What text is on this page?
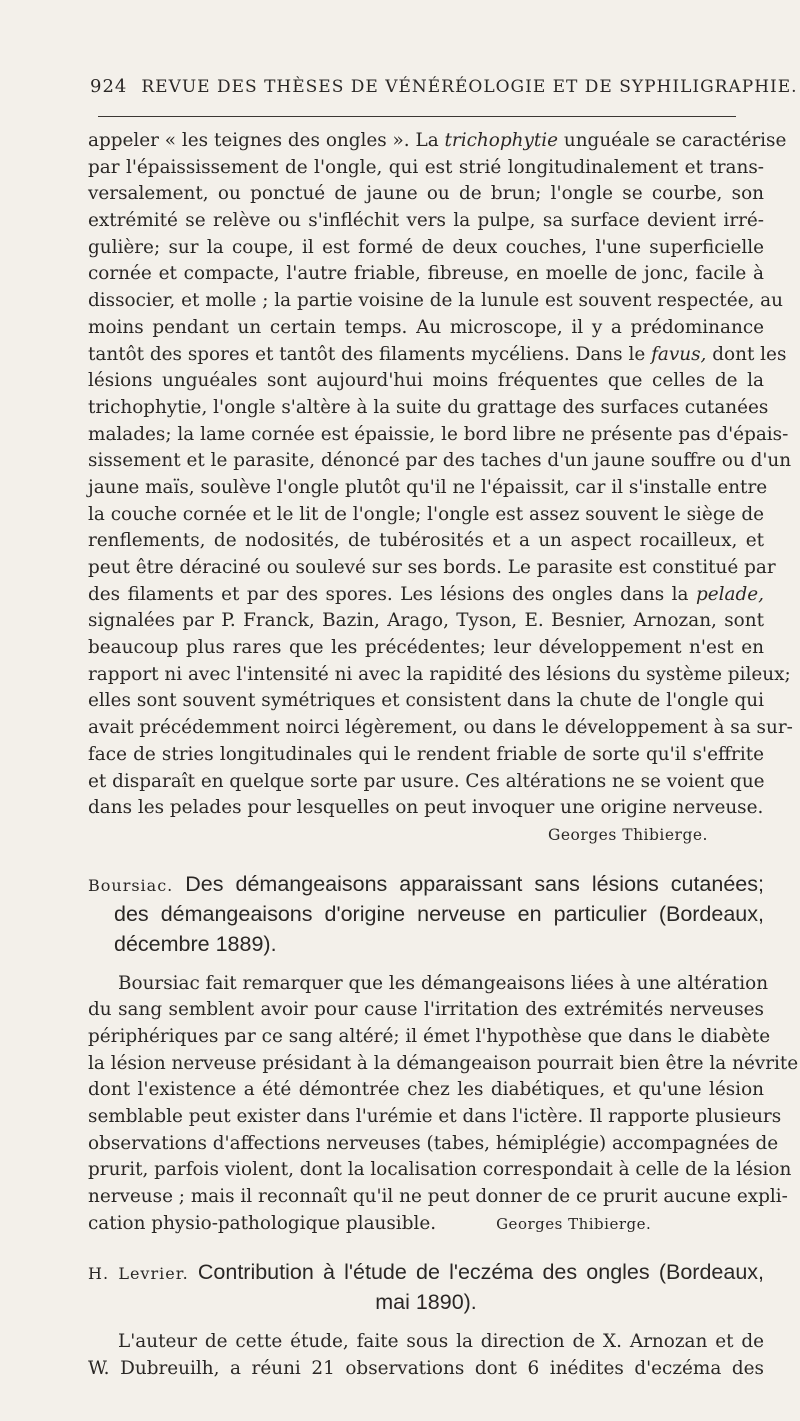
924 REVUE DES THÈSES DE VÉNÉRÉOLOGIE ET DE SYPHILIGRAPHIE.
appeler « les teignes des ongles ». La trichophytie unguéale se caractérise
par l'épaississement de l'ongle, qui est strié longitudinalement et trans-
versalement, ou ponctué de jaune ou de brun; l'ongle se courbe, son
extrémité se relève ou s'infléchit vers la pulpe, sa surface devient irré-
gulière; sur la coupe, il est formé de deux couches, l'une superficielle
cornée et compacte, l'autre friable, fibreuse, en moelle de jonc, facile à
dissocier, et molle ; la partie voisine de la lunule est souvent respectée, au
moins pendant un certain temps. Au microscope, il y a prédominance
tantôt des spores et tantôt des filaments mycéliens. Dans le favus, dont les
lésions unguéales sont aujourd'hui moins fréquentes que celles de la
trichophytie, l'ongle s'altère à la suite du grattage des surfaces cutanées
malades; la lame cornée est épaissie, le bord libre ne présente pas d'épais-
sissement et le parasite, dénoncé par des taches d'un jaune souffre ou d'un
jaune maïs, soulève l'ongle plutôt qu'il ne l'épaissit, car il s'installe entre
la couche cornée et le lit de l'ongle; l'ongle est assez souvent le siège de
renflements, de nodosités, de tubérosités et a un aspect rocailleux, et
peut être déraciné ou soulevé sur ses bords. Le parasite est constitué par
des filaments et par des spores. Les lésions des ongles dans la pelade,
signalées par P. Franck, Bazin, Arago, Tyson, E. Besnier, Arnozan, sont
beaucoup plus rares que les précédentes; leur développement n'est en
rapport ni avec l'intensité ni avec la rapidité des lésions du système pileux;
elles sont souvent symétriques et consistent dans la chute de l'ongle qui
avait précédemment noirci légèrement, ou dans le développement à sa sur-
face de stries longitudinales qui le rendent friable de sorte qu'il s'effrite
et disparaît en quelque sorte par usure. Ces altérations ne se voient que
dans les pelades pour lesquelles on peut invoquer une origine nerveuse.
Georges Thibierge.
Boursiac. Des démangeaisons apparaissant sans lésions cutanées;
des démangeaisons d'origine nerveuse en particulier (Bordeaux,
décembre 1889).
Boursiac fait remarquer que les démangeaisons liées à une altération
du sang semblent avoir pour cause l'irritation des extrémités nerveuses
périphériques par ce sang altéré; il émet l'hypothèse que dans le diabète
la lésion nerveuse présidant à la démangeaison pourrait bien être la névrite
dont l'existence a été démontrée chez les diabétiques, et qu'une lésion
semblable peut exister dans l'urémie et dans l'ictère. Il rapporte plusieurs
observations d'affections nerveuses (tabes, hémiplégie) accompagnées de
prurit, parfois violent, dont la localisation correspondait à celle de la lésion
nerveuse ; mais il reconnaît qu'il ne peut donner de ce prurit aucune expli-
cation physio-pathologique plausible.	Georges Thibierge.
H. Levrier. Contribution à l'étude de l'eczéma des ongles (Bordeaux,
mai 1890).
L'auteur de cette étude, faite sous la direction de X. Arnozan et de
W. Dubreuilh, a réuni 21 observations dont 6 inédites d'eczéma des
